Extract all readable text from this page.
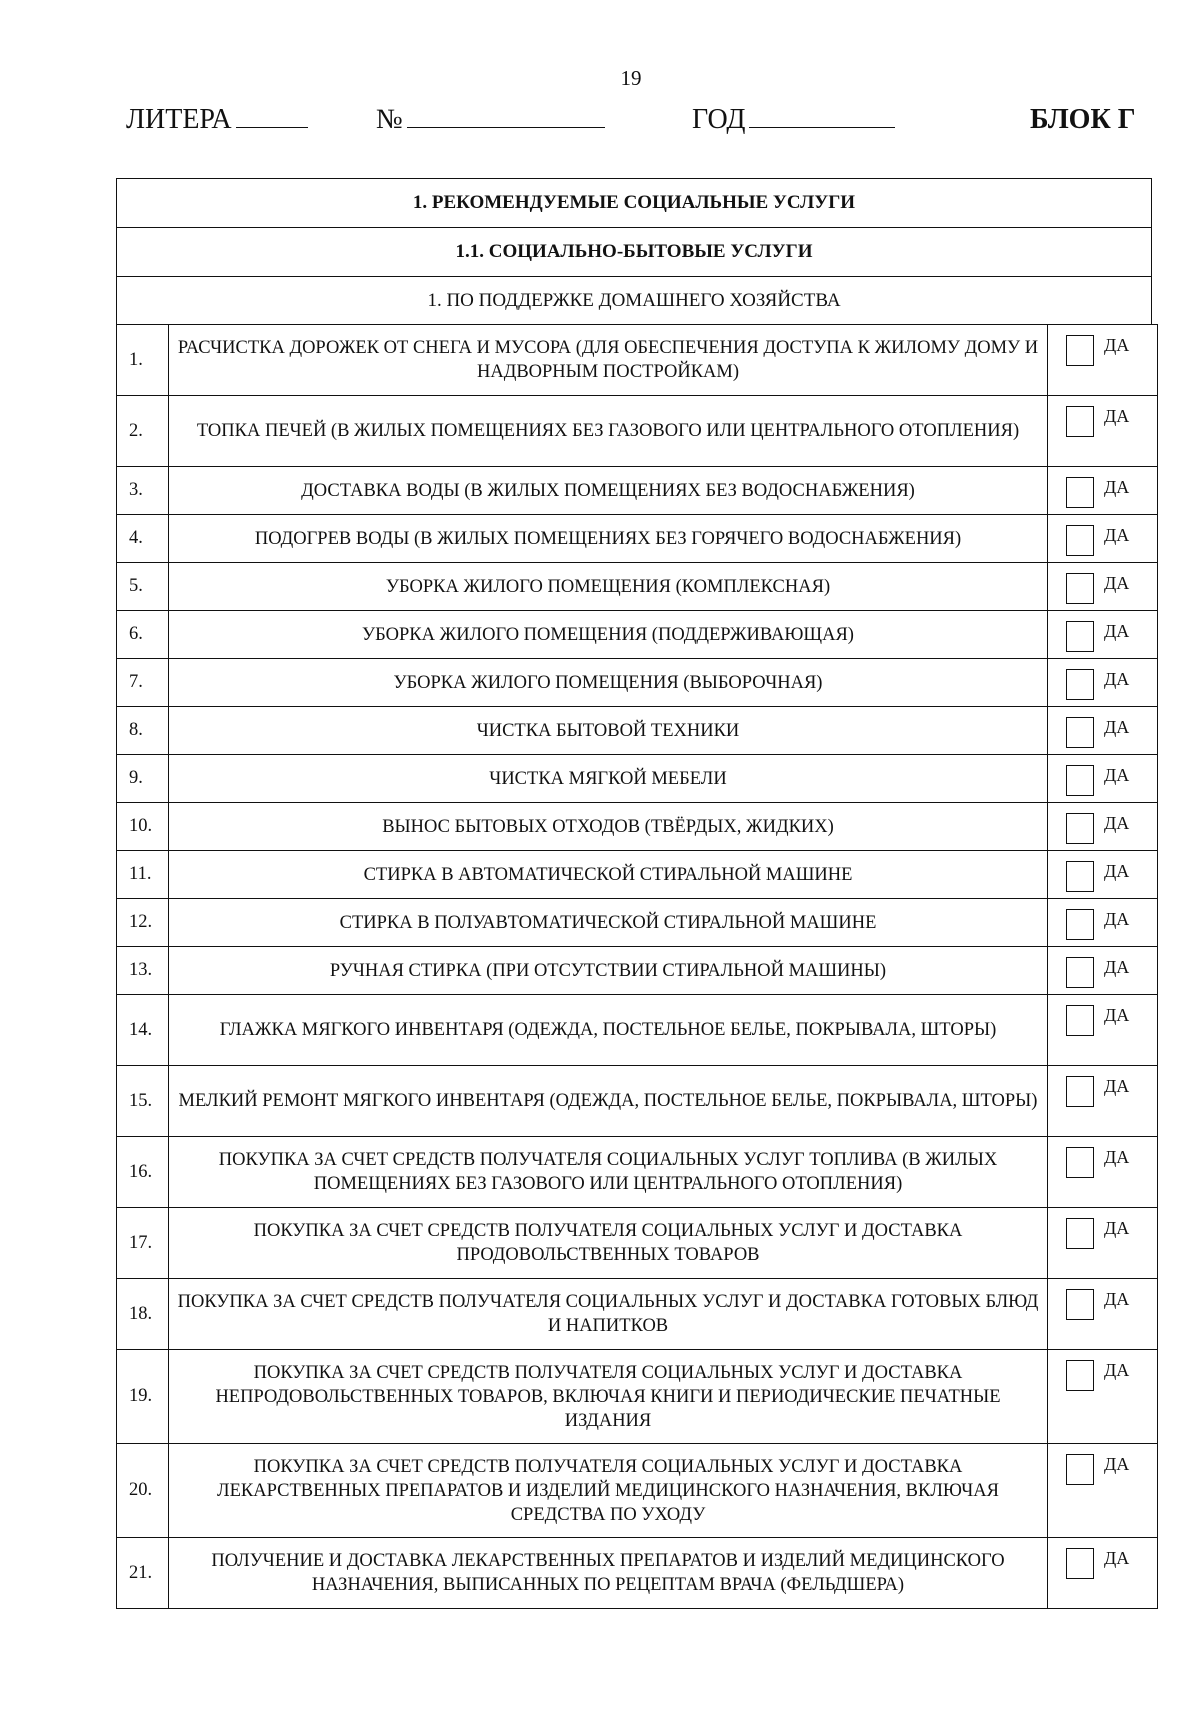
19
ЛИТЕРА	№	ГОД	БЛОК Г
1. РЕКОМЕНДУЕМЫЕ СОЦИАЛЬНЫЕ УСЛУГИ
1.1. СОЦИАЛЬНО-БЫТОВЫЕ УСЛУГИ
1. ПО ПОДДЕРЖКЕ ДОМАШНЕГО ХОЗЯЙСТВА
1.	РАСЧИСТКА ДОРОЖЕК ОТ СНЕГА И МУСОРА (ДЛЯ ОБЕСПЕЧЕНИЯ ДОСТУПА К ЖИЛОМУ ДОМУ И НАДВОРНЫМ ПОСТРОЙКАМ)	ДА

2.	ТОПКА ПЕЧЕЙ (В ЖИЛЫХ ПОМЕЩЕНИЯХ БЕЗ ГАЗОВОГО ИЛИ ЦЕНТРАЛЬНОГО ОТОПЛЕНИЯ)	ДА

3.	ДОСТАВКА ВОДЫ (В ЖИЛЫХ ПОМЕЩЕНИЯХ БЕЗ ВОДОСНАБЖЕНИЯ)	ДА

4.	ПОДОГРЕВ ВОДЫ (В ЖИЛЫХ ПОМЕЩЕНИЯХ БЕЗ ГОРЯЧЕГО ВОДОСНАБЖЕНИЯ)	ДА

5.	УБОРКА ЖИЛОГО ПОМЕЩЕНИЯ (КОМПЛЕКСНАЯ)	ДА

6.	УБОРКА ЖИЛОГО ПОМЕЩЕНИЯ (ПОДДЕРЖИВАЮЩАЯ)	ДА

7.	УБОРКА ЖИЛОГО ПОМЕЩЕНИЯ (ВЫБОРОЧНАЯ)	ДА

8.	ЧИСТКА БЫТОВОЙ ТЕХНИКИ	ДА

9.	ЧИСТКА МЯГКОЙ МЕБЕЛИ	ДА

10.	ВЫНОС БЫТОВЫХ ОТХОДОВ (ТВЁРДЫХ, ЖИДКИХ)	ДА

11.	СТИРКА В АВТОМАТИЧЕСКОЙ СТИРАЛЬНОЙ МАШИНЕ	ДА

12.	СТИРКА В ПОЛУАВТОМАТИЧЕСКОЙ СТИРАЛЬНОЙ МАШИНЕ	ДА

13.	РУЧНАЯ СТИРКА (ПРИ ОТСУТСТВИИ СТИРАЛЬНОЙ МАШИНЫ)	ДА

14.	ГЛАЖКА МЯГКОГО ИНВЕНТАРЯ (ОДЕЖДА, ПОСТЕЛЬНОЕ БЕЛЬЕ, ПОКРЫВАЛА, ШТОРЫ)	ДА

15.	МЕЛКИЙ РЕМОНТ МЯГКОГО ИНВЕНТАРЯ (ОДЕЖДА, ПОСТЕЛЬНОЕ БЕЛЬЕ, ПОКРЫВАЛА, ШТОРЫ)	ДА

16.	ПОКУПКА ЗА СЧЕТ СРЕДСТВ ПОЛУЧАТЕЛЯ СОЦИАЛЬНЫХ УСЛУГ ТОПЛИВА (В ЖИЛЫХ ПОМЕЩЕНИЯХ БЕЗ ГАЗОВОГО ИЛИ ЦЕНТРАЛЬНОГО ОТОПЛЕНИЯ)	ДА

17.	ПОКУПКА ЗА СЧЕТ СРЕДСТВ ПОЛУЧАТЕЛЯ СОЦИАЛЬНЫХ УСЛУГ И ДОСТАВКА ПРОДОВОЛЬСТВЕННЫХ ТОВАРОВ	ДА

18.	ПОКУПКА ЗА СЧЕТ СРЕДСТВ ПОЛУЧАТЕЛЯ СОЦИАЛЬНЫХ УСЛУГ И ДОСТАВКА ГОТОВЫХ БЛЮД И НАПИТКОВ	ДА

19.	ПОКУПКА ЗА СЧЕТ СРЕДСТВ ПОЛУЧАТЕЛЯ СОЦИАЛЬНЫХ УСЛУГ И ДОСТАВКА НЕПРОДОВОЛЬСТВЕННЫХ ТОВАРОВ, ВКЛЮЧАЯ КНИГИ И ПЕРИОДИЧЕСКИЕ ПЕЧАТНЫЕ ИЗДАНИЯ	ДА

20.	ПОКУПКА ЗА СЧЕТ СРЕДСТВ ПОЛУЧАТЕЛЯ СОЦИАЛЬНЫХ УСЛУГ И ДОСТАВКА ЛЕКАРСТВЕННЫХ ПРЕПАРАТОВ И ИЗДЕЛИЙ МЕДИЦИНСКОГО НАЗНАЧЕНИЯ, ВКЛЮЧАЯ СРЕДСТВА ПО УХОДУ	ДА

21.	ПОЛУЧЕНИЕ И ДОСТАВКА ЛЕКАРСТВЕННЫХ ПРЕПАРАТОВ И ИЗДЕЛИЙ МЕДИЦИНСКОГО НАЗНАЧЕНИЯ, ВЫПИСАННЫХ ПО РЕЦЕПТАМ ВРАЧА (ФЕЛЬДШЕРА)	ДА
